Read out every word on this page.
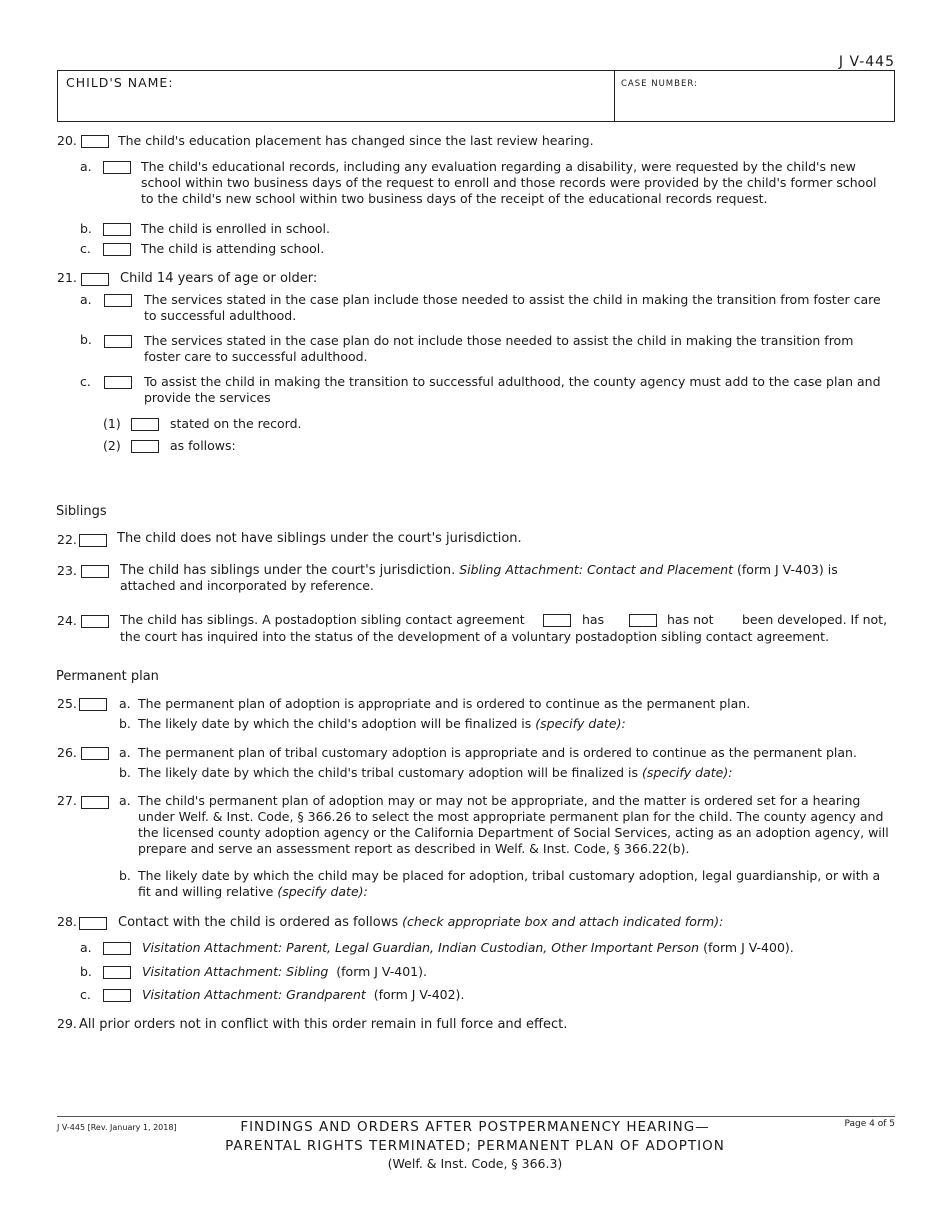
J V-445
CHILD'S NAME:	CASE NUMBER:
20.	The child's education placement has changed since the last review hearing.
a.	The child's educational records, including any evaluation regarding a disability, were requested by the child's new school within two business days of the request to enroll and those records were provided by the child's former school to the child's new school within two business days of the receipt of the educational records request.
b.	The child is enrolled in school.
c.	The child is attending school.
21.	Child 14 years of age or older:
a.	The services stated in the case plan include those needed to assist the child in making the transition from foster care to successful adulthood.
b.	The services stated in the case plan do not include those needed to assist the child in making the transition from foster care to successful adulthood.
c.	To assist the child in making the transition to successful adulthood, the county agency must add to the case plan and provide the services
(1)	stated on the record.
(2)	as follows:
Siblings
22.	The child does not have siblings under the court's jurisdiction.
23.	The child has siblings under the court's jurisdiction. Sibling Attachment: Contact and Placement (form J V-403) is
attached and incorporated by reference.
24.	The child has siblings. A postadoption sibling contact agreement	has	has not been developed. If not,
the court has inquired into the status of the development of a voluntary postadoption sibling contact agreement.
Permanent plan
25.	a. The permanent plan of adoption is appropriate and is ordered to continue as the permanent plan.
b. The likely date by which the child's adoption will be finalized is (specify date):
26.	a. The permanent plan of tribal customary adoption is appropriate and is ordered to continue as the permanent plan.
b. The likely date by which the child's tribal customary adoption will be finalized is (specify date):
27.	a. The child's permanent plan of adoption may or may not be appropriate, and the matter is ordered set for a hearing under Welf. & Inst. Code, § 366.26 to select the most appropriate permanent plan for the child. The county agency and the licensed county adoption agency or the California Department of Social Services, acting as an adoption agency, will prepare and serve an assessment report as described in Welf. & Inst. Code, § 366.22(b).
b. The likely date by which the child may be placed for adoption, tribal customary adoption, legal guardianship, or with a fit and willing relative (specify date):
28.	Contact with the child is ordered as follows (check appropriate box and attach indicated form):
a.	Visitation Attachment: Parent, Legal Guardian, Indian Custodian, Other Important Person (form J V-400).
b.	Visitation Attachment: Sibling (form J V-401).
c.	Visitation Attachment: Grandparent (form J V-402).
29. All prior orders not in conflict with this order remain in full force and effect.
J V-445 [Rev. January 1, 2018]	Page 4 of 5
FINDINGS AND ORDERS AFTER POSTPERMANENCY HEARING—
PARENTAL RIGHTS TERMINATED; PERMANENT PLAN OF ADOPTION
(Welf. & Inst. Code, § 366.3)
